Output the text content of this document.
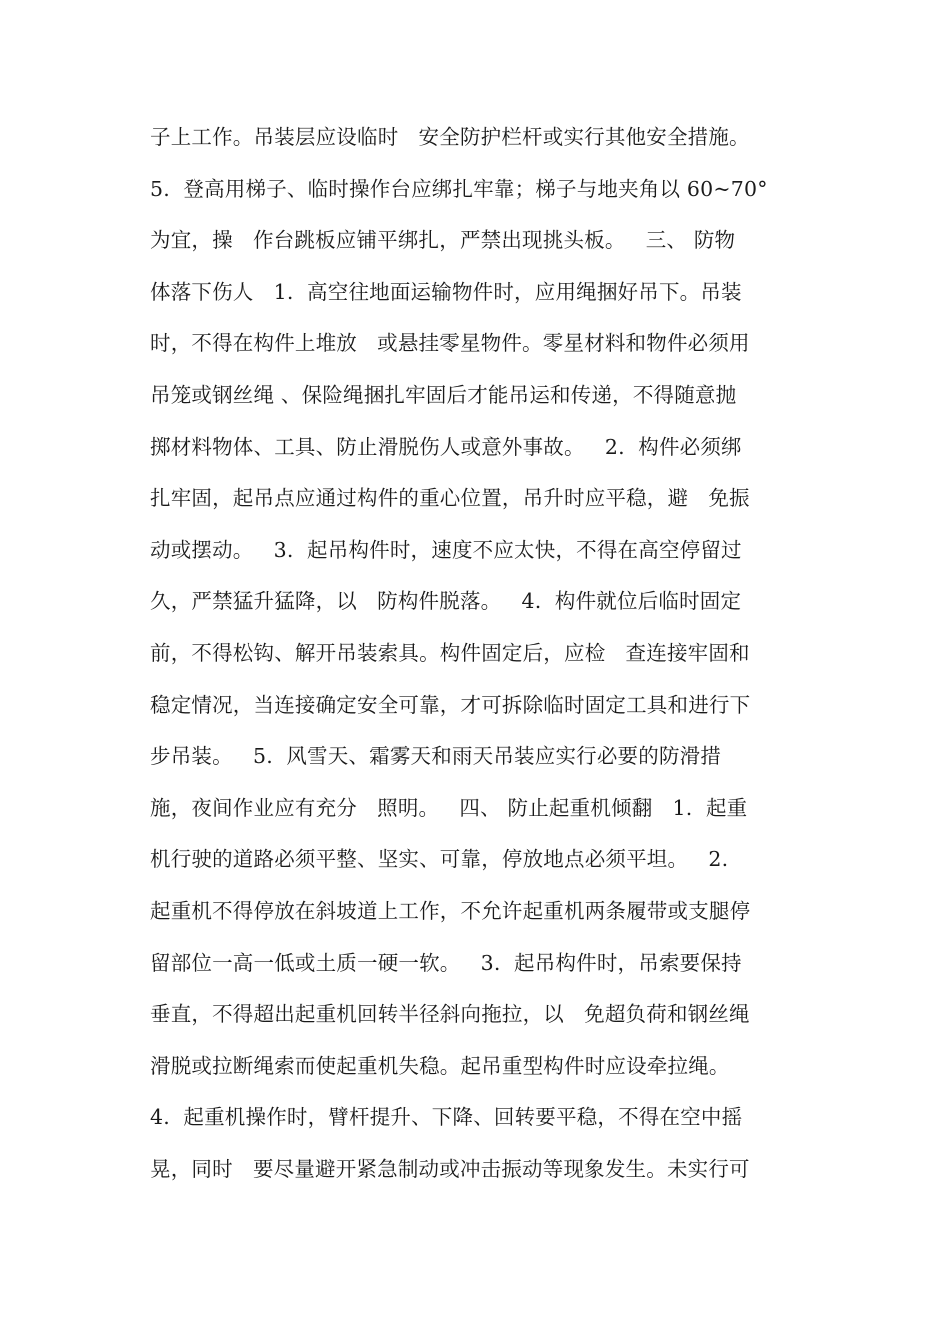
子上工作。吊装层应设临时   安全防护栏杆或实行其他安全措施。
5.  登高用梯子、临时操作台应绑扎牢靠；梯子与地夹角以 60~70°
为宜，操   作台跳板应铺平绑扎，严禁出现挑头板。   三、 防物
体落下伤人   1.  高空往地面运输物件时，应用绳捆好吊下。吊装
时，不得在构件上堆放   或悬挂零星物件。零星材料和物件必须用
吊笼或钢丝绳 、保险绳捆扎牢固后才能吊运和传递，不得随意抛
掷材料物体、工具、防止滑脱伤人或意外事故。   2.  构件必须绑
扎牢固，起吊点应通过构件的重心位置，吊升时应平稳，避   免振
动或摆动。   3.  起吊构件时，速度不应太快，不得在高空停留过
久，严禁猛升猛降，以   防构件脱落。   4.  构件就位后临时固定
前，不得松钩、解开吊装索具。构件固定后，应检   查连接牢固和
稳定情况，当连接确定安全可靠，才可拆除临时固定工具和进行下
步吊装。   5.  风雪天、霜雾天和雨天吊装应实行必要的防滑措
施，夜间作业应有充分   照明。   四、 防止起重机倾翻   1.  起重
机行驶的道路必须平整、坚实、可靠，停放地点必须平坦。   2.
起重机不得停放在斜坡道上工作，不允许起重机两条履带或支腿停
留部位一高一低或土质一硬一软。   3.  起吊构件时，吊索要保持
垂直，不得超出起重机回转半径斜向拖拉，以   免超负荷和钢丝绳
滑脱或拉断绳索而使起重机失稳。起吊重型构件时应设牵拉绳。
4.  起重机操作时，臂杆提升、下降、回转要平稳，不得在空中摇
晃，同时   要尽量避开紧急制动或冲击振动等现象发生。未实行可
